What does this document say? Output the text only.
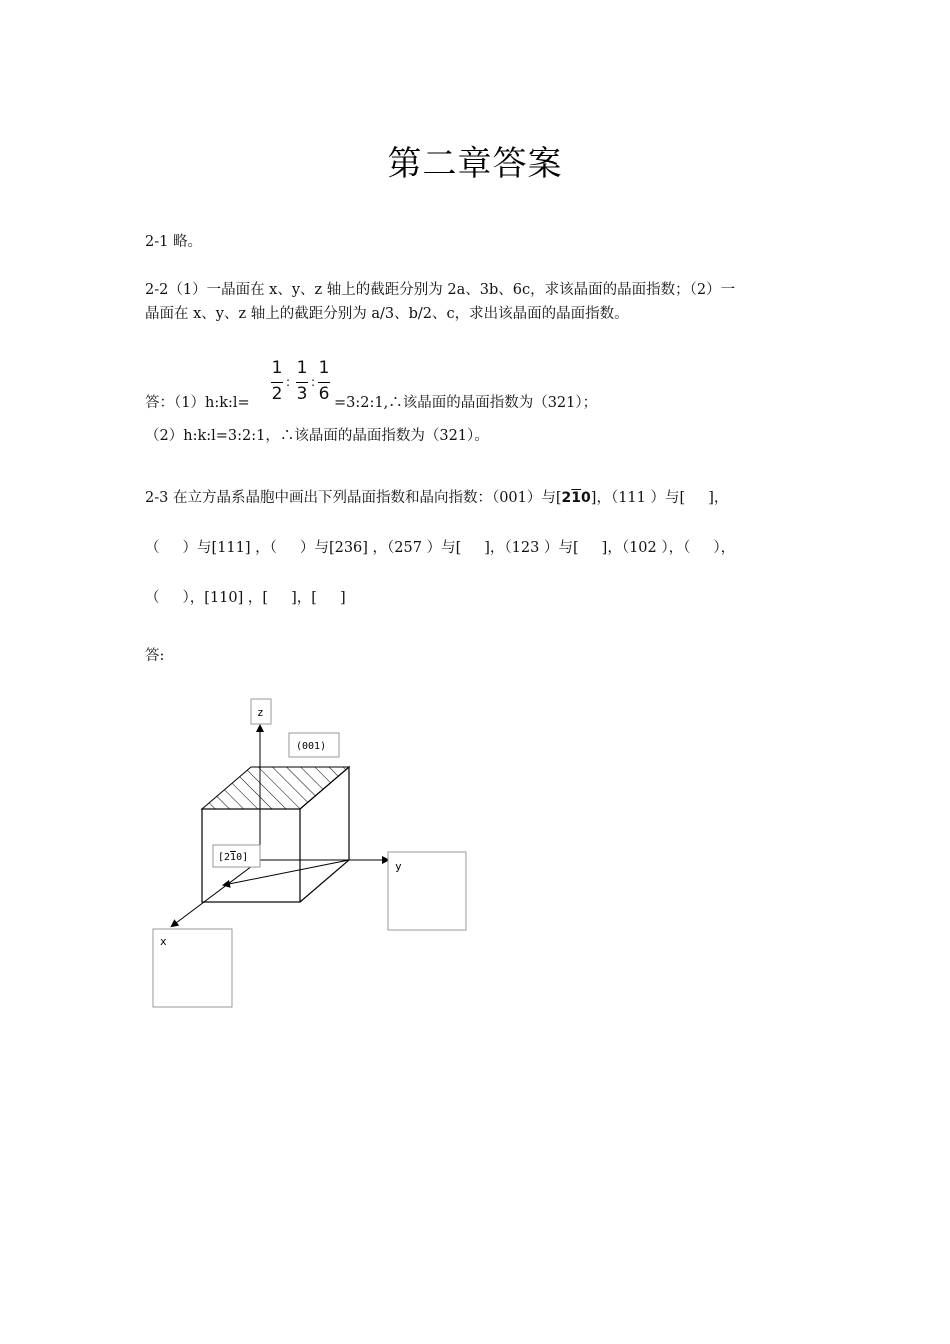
第二章答案
2-1 略。
2-2（1）一晶面在 x、y、z 轴上的截距分别为 2a、3b、6c，求该晶面的晶面指数；（2）一
晶面在 x、y、z 轴上的截距分别为 a/3、b/2、c，求出该晶面的晶面指数。
答：（1）h:k:l=
1
2
:
1
3
:
1
6 =3:2:1,∴该晶面的晶面指数为（321）；
（2）h:k:l=3:2:1，∴该晶面的晶面指数为（321）。
2-3 在立方晶系晶胞中画出下列晶面指数和晶向指数：（001）与[210]，（111 ）与[     ]，
（     ）与[111] ，（     ）与[236] ，（257 ）与[     ]，（123 ）与[     ]，（102 ），（     ），
（     ），[110] ，[     ]，[     ]
答:
z
(001)
[210]
y
x
